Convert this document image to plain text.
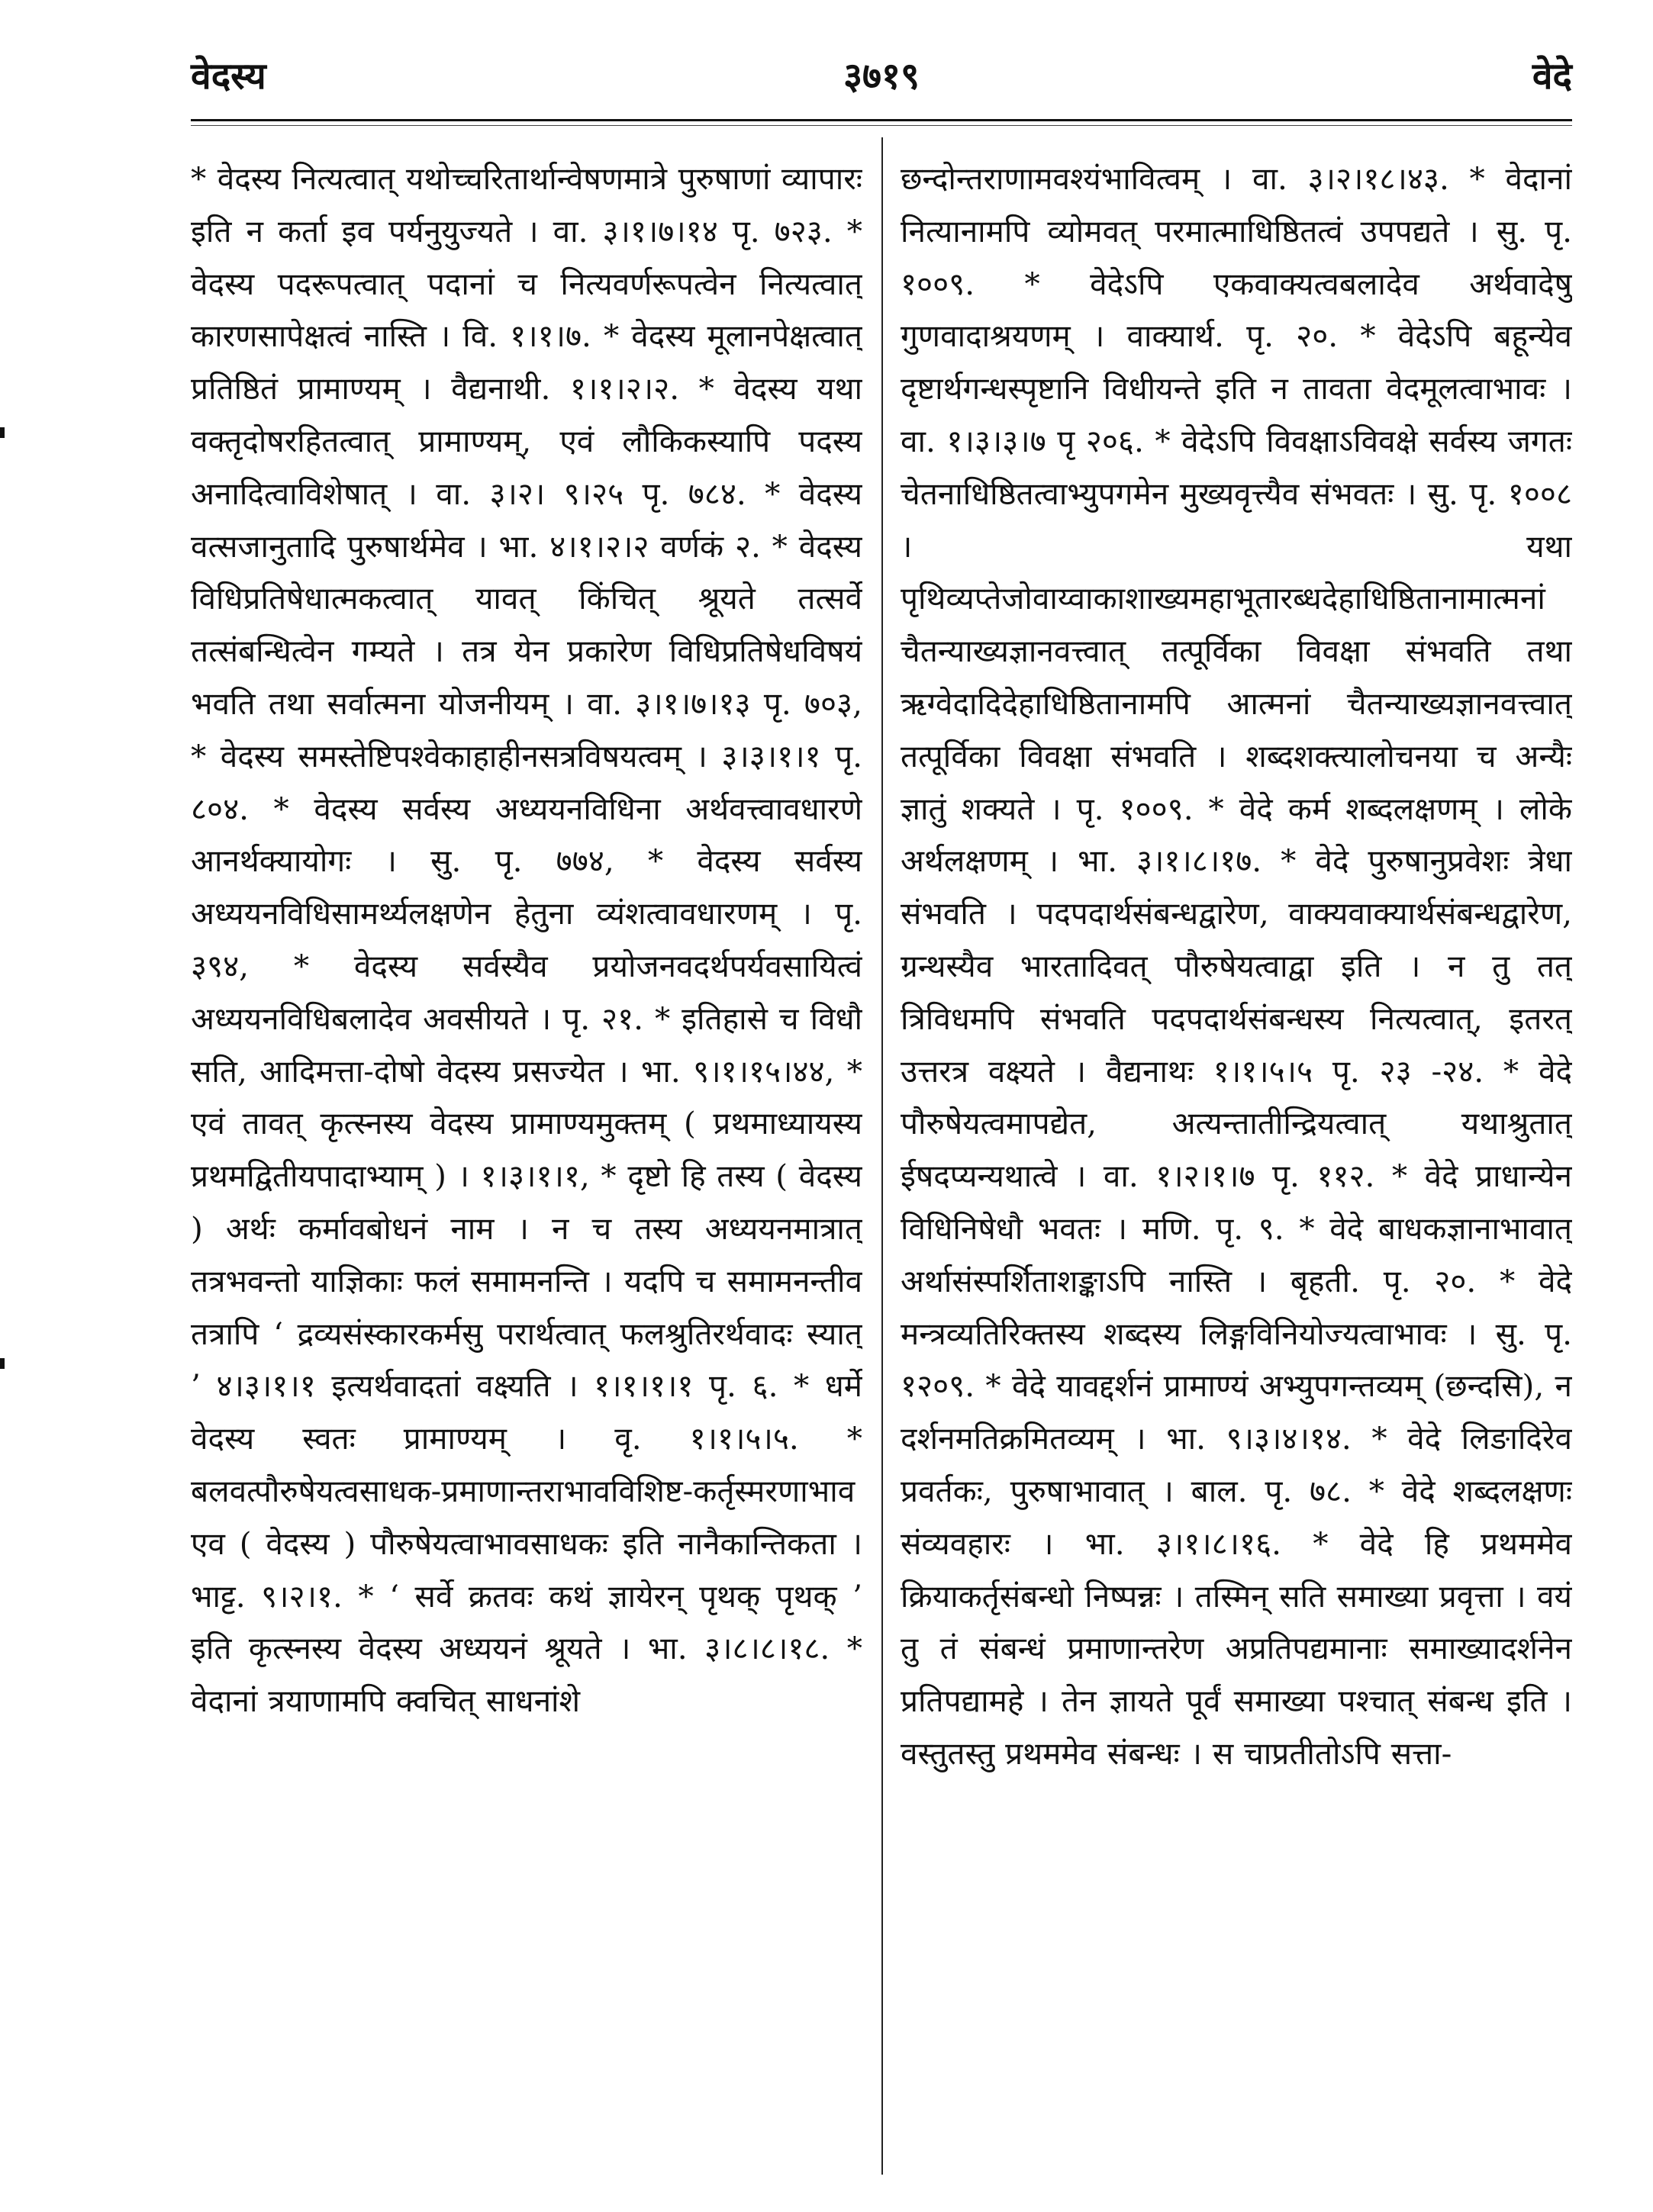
३७१९
वेदस्य	वेदे

* वेदस्य नित्यत्वात् यथोच्चरितार्थान्वेषणमात्रे पुरुषाणां व्यापारः इति न कर्ता इव पर्यनुयुज्यते । वा. ३।१।७।१४ पृ. ७२३. * वेदस्य पदरूपत्वात् पदानां च नित्यवर्णरूपत्वेन नित्यत्वात् कारणसापेक्षत्वं नास्ति । वि. १।१।७. * वेदस्य मूलानपेक्षत्वात् प्रतिष्ठितं प्रामाण्यम् । वैद्यनाथी. १।१।२।२. * वेदस्य यथा वक्तृदोषरहितत्वात् प्रामाण्यम्, एवं लौकिकस्यापि पदस्य अनादित्वाविशेषात् । वा. ३।२। ९।२५ पृ. ७८४. * वेदस्य वत्सजानुतादि पुरुषार्थमेव । भा. ४।१।२।२ वर्णकं २. * वेदस्य विधिप्रतिषेधात्मकत्वात् यावत् किंचित् श्रूयते तत्सर्वे तत्संबन्धित्वेन गम्यते । तत्र येन प्रकारेण विधिप्रतिषेधविषयं भवति तथा सर्वात्मना योजनीयम् । वा. ३।१।७।१३ पृ. ७०३, * वेदस्य समस्तेष्टिपश्वेकाहाहीनसत्रविषयत्वम् । ३।३।१।१ पृ. ८०४. * वेदस्य सर्वस्य अध्ययनविधिना अर्थवत्त्वावधारणे आनर्थक्यायोगः । सु. पृ. ७७४, * वेदस्य सर्वस्य अध्ययनविधिसामर्थ्यलक्षणेन हेतुना व्यंशत्वावधारणम् । पृ. ३९४, * वेदस्य सर्वस्यैव प्रयोजनवदर्थपर्यवसायित्वं अध्ययनविधिबलादेव अवसीयते । पृ. २१. * इतिहासे च विधौ सति, आदिमत्ता-दोषो वेदस्य प्रसज्येत । भा. ९।१।१५।४४, * एवं तावत् कृत्स्नस्य वेदस्य प्रामाण्यमुक्तम् ( प्रथमाध्यायस्य प्रथमद्वितीयपादाभ्याम् ) । १।३।१।१, * दृष्टो हि तस्य ( वेदस्य ) अर्थः कर्मावबोधनं नाम । न च तस्य अध्ययनमात्रात् तत्रभवन्तो याज्ञिकाः फलं समामनन्ति । यदपि च समामनन्तीव तत्रापि ‘ द्रव्यसंस्कारकर्मसु परार्थत्वात् फलश्रुतिरर्थवादः स्यात् ’ ४।३।१।१ इत्यर्थवादतां वक्ष्यति । १।१।१।१ पृ. ६. * धर्मे वेदस्य स्वतः प्रामाण्यम् । वृ. १।१।५।५. * बलवत्पौरुषेयत्वसाधक-प्रमाणान्तराभावविशिष्ट-कर्तृस्मरणाभाव एव ( वेदस्य ) पौरुषेयत्वाभावसाधकः इति नानैकान्तिकता । भाट्ट. ९।२।१. * ‘ सर्वे क्रतवः कथं ज्ञायेरन् पृथक् पृथक् ’ इति कृत्स्नस्य वेदस्य अध्ययनं श्रूयते । भा. ३।८।८।१८. * वेदानां त्रयाणामपि क्वचित् साधनांशे

छन्दोन्तराणामवश्यंभावित्वम् । वा. ३।२।१८।४३. * वेदानां नित्यानामपि व्योमवत् परमात्माधिष्ठितत्वं उपपद्यते । सु. पृ. १००९. * वेदेऽपि एकवाक्यत्वबलादेव अर्थवादेषु गुणवादाश्रयणम् । वाक्यार्थ. पृ. २०. * वेदेऽपि बहून्येव दृष्टार्थगन्धस्पृष्टानि विधीयन्ते इति न तावता वेदमूलत्वाभावः । वा. १।३।३।७ पृ २०६. * वेदेऽपि विवक्षाऽविवक्षे सर्वस्य जगतः चेतनाधिष्ठितत्वाभ्युपगमेन मुख्यवृत्त्यैव संभवतः । सु. पृ. १००८ । यथा पृथिव्यप्तेजोवाय्वाकाशाख्यमहाभूतारब्धदेहाधिष्ठितानामात्मनां चैतन्याख्यज्ञानवत्त्वात् तत्पूर्विका विवक्षा संभवति तथा ऋग्वेदादिदेहाधिष्ठितानामपि आत्मनां चैतन्याख्यज्ञानवत्त्वात् तत्पूर्विका विवक्षा संभवति । शब्दशक्त्यालोचनया च अन्यैः ज्ञातुं शक्यते । पृ. १००९. * वेदे कर्म शब्दलक्षणम् । लोके अर्थलक्षणम् । भा. ३।१।८।१७. * वेदे पुरुषानुप्रवेशः त्रेधा संभवति । पदपदार्थसंबन्धद्वारेण, वाक्यवाक्यार्थसंबन्धद्वारेण, ग्रन्थस्यैव भारतादिवत् पौरुषेयत्वाद्वा इति । न तु तत् त्रिविधमपि संभवति पदपदार्थसंबन्धस्य नित्यत्वात्, इतरत् उत्तरत्र वक्ष्यते । वैद्यनाथः १।१।५।५ पृ. २३ -२४. * वेदे पौरुषेयत्वमापद्येत, अत्यन्तातीन्द्रियत्वात् यथाश्रुतात् ईषदप्यन्यथात्वे । वा. १।२।१।७ पृ. ११२. * वेदे प्राधान्येन विधिनिषेधौ भवतः । मणि. पृ. ९. * वेदे बाधकज्ञानाभावात् अर्थासंस्पर्शिताशङ्काऽपि नास्ति । बृहती. पृ. २०. * वेदे मन्त्रव्यतिरिक्तस्य शब्दस्य लिङ्गविनियोज्यत्वाभावः । सु. पृ. १२०९. * वेदे यावद्दर्शनं प्रामाण्यं अभ्युपगन्तव्यम् (छन्दसि), न दर्शनमतिक्रमितव्यम् । भा. ९।३।४।१४. * वेदे लिङादिरेव प्रवर्तकः, पुरुषाभावात् । बाल. पृ. ७८. * वेदे शब्दलक्षणः संव्यवहारः । भा. ३।१।८।१६. * वेदे हि प्रथममेव क्रियाकर्तृसंबन्धो निष्पन्नः । तस्मिन् सति समाख्या प्रवृत्ता । वयं तु तं संबन्धं प्रमाणान्तरेण अप्रतिपद्यमानाः समाख्यादर्शनेन प्रतिपद्यामहे । तेन ज्ञायते पूर्वं समाख्या पश्चात् संबन्ध इति । वस्तुतस्तु प्रथममेव संबन्धः । स चाप्रतीतोऽपि सत्ता-
